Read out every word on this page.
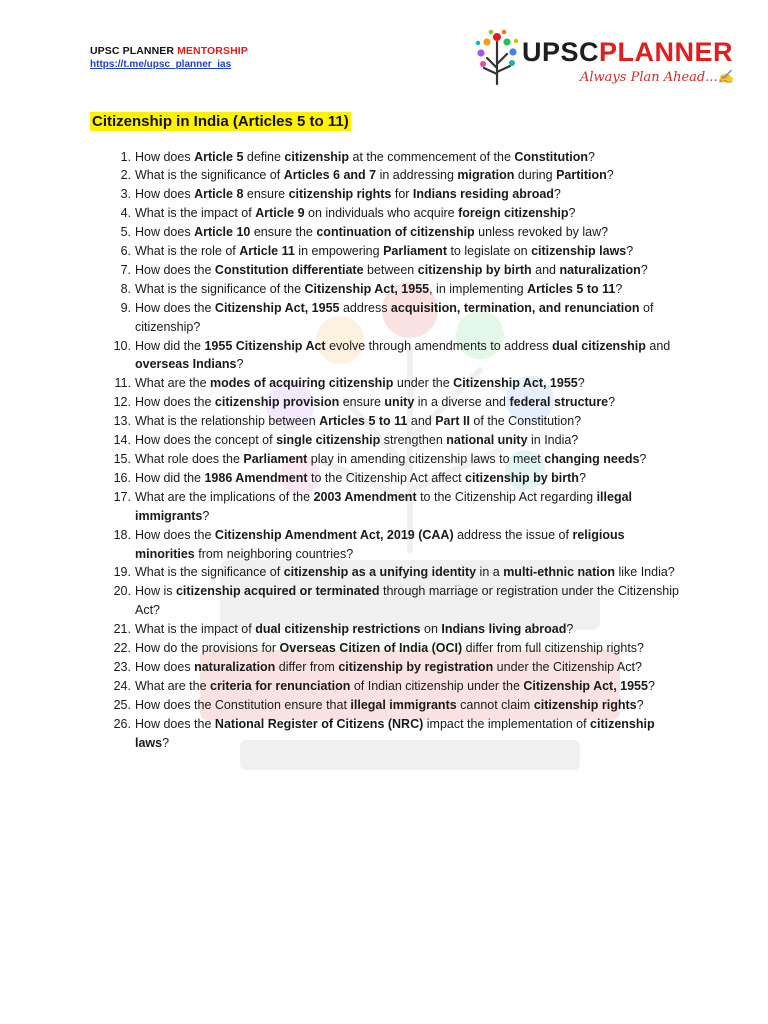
UPSC PLANNER MENTORSHIP
https://t.me/upsc_planner_ias	UPSCPLANNER
Always Plan Ahead...✍
Citizenship in India (Articles 5 to 11)
1. How does Article 5 define citizenship at the commencement of the Constitution?
2. What is the significance of Articles 6 and 7 in addressing migration during Partition?
3. How does Article 8 ensure citizenship rights for Indians residing abroad?
4. What is the impact of Article 9 on individuals who acquire foreign citizenship?
5. How does Article 10 ensure the continuation of citizenship unless revoked by law?
6. What is the role of Article 11 in empowering Parliament to legislate on citizenship laws?
7. How does the Constitution differentiate between citizenship by birth and naturalization?
8. What is the significance of the Citizenship Act, 1955, in implementing Articles 5 to 11?
9. How does the Citizenship Act, 1955 address acquisition, termination, and renunciation of citizenship?
10. How did the 1955 Citizenship Act evolve through amendments to address dual citizenship and overseas Indians?
11. What are the modes of acquiring citizenship under the Citizenship Act, 1955?
12. How does the citizenship provision ensure unity in a diverse and federal structure?
13. What is the relationship between Articles 5 to 11 and Part II of the Constitution?
14. How does the concept of single citizenship strengthen national unity in India?
15. What role does the Parliament play in amending citizenship laws to meet changing needs?
16. How did the 1986 Amendment to the Citizenship Act affect citizenship by birth?
17. What are the implications of the 2003 Amendment to the Citizenship Act regarding illegal immigrants?
18. How does the Citizenship Amendment Act, 2019 (CAA) address the issue of religious minorities from neighboring countries?
19. What is the significance of citizenship as a unifying identity in a multi-ethnic nation like India?
20. How is citizenship acquired or terminated through marriage or registration under the Citizenship Act?
21. What is the impact of dual citizenship restrictions on Indians living abroad?
22. How do the provisions for Overseas Citizen of India (OCI) differ from full citizenship rights?
23. How does naturalization differ from citizenship by registration under the Citizenship Act?
24. What are the criteria for renunciation of Indian citizenship under the Citizenship Act, 1955?
25. How does the Constitution ensure that illegal immigrants cannot claim citizenship rights?
26. How does the National Register of Citizens (NRC) impact the implementation of citizenship laws?
